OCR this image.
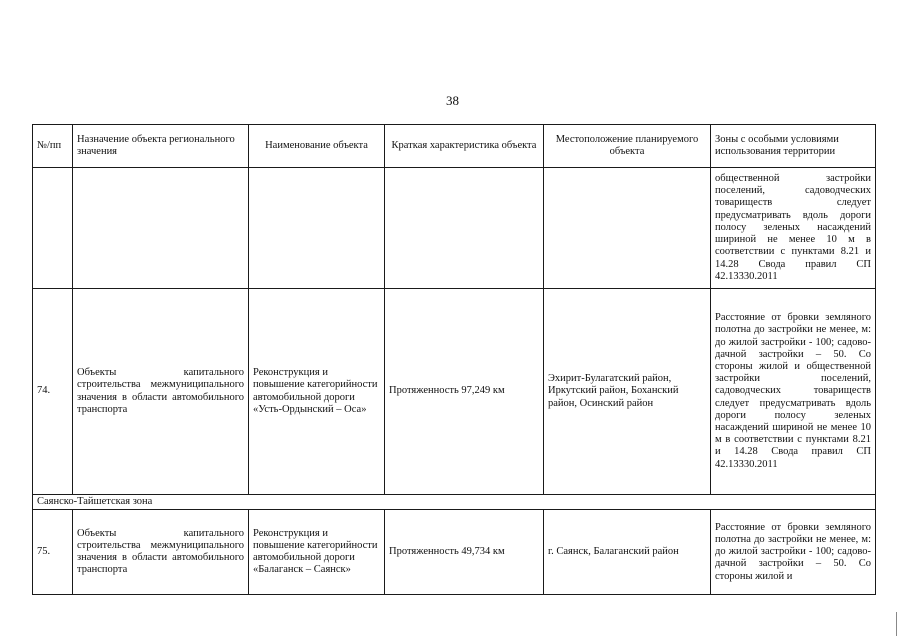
38
№/пп	Назначение объекта регионального значения	Наименование объекта	Краткая характеристика объекта	Местоположение планируемого объекта	Зоны с особыми условиями использования территории
					общественной застройки поселений, садоводческих товариществ следует предусматривать вдоль дороги полосу зеленых насаждений шириной не менее 10 м в соответствии с пунктами 8.21 и 14.28 Свода правил СП 42.13330.2011
74.	Объекты капитального строительства межмуниципального значения в области автомобильного транспорта	Реконструкция и повышение категорийности автомобильной дороги «Усть-Ордынский – Оса»	Протяженность 97,249 км	Эхирит-Булагатский район, Иркутский район, Боханский район, Осинский район	Расстояние от бровки земляного полотна до застройки не менее, м: до жилой застройки - 100; садово-дачной застройки – 50. Со стороны жилой и общественной застройки поселений, садоводческих товариществ следует предусматривать вдоль дороги полосу зеленых насаждений шириной не менее 10 м в соответствии с пунктами 8.21 и 14.28 Свода правил СП 42.13330.2011
Саянско-Тайшетская зона					
75.	Объекты капитального строительства межмуниципального значения в области автомобильного транспорта	Реконструкция и повышение категорийности автомобильной дороги «Балаганск – Саянск»	Протяженность 49,734 км	г. Саянск, Балаганский район	Расстояние от бровки земляного полотна до застройки не менее, м: до жилой застройки - 100; садово-дачной застройки – 50. Со стороны жилой и
